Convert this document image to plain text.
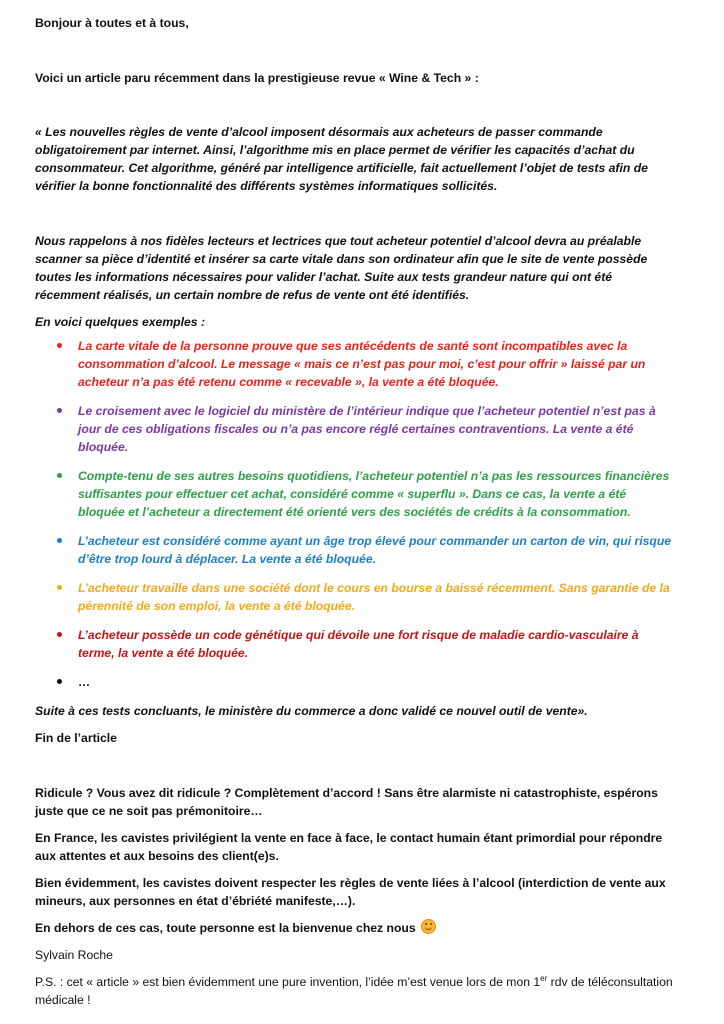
Bonjour à toutes et à tous,

Voici un article paru récemment dans la prestigieuse revue « Wine & Tech » :

« Les nouvelles règles de vente d’alcool imposent désormais aux acheteurs de passer commande obligatoirement par internet. Ainsi, l’algorithme mis en place permet de vérifier les capacités d’achat du consommateur. Cet algorithme, généré par intelligence artificielle, fait actuellement l’objet de tests afin de vérifier la bonne fonctionnalité des différents systèmes informatiques sollicités.

Nous rappelons à nos fidèles lecteurs et lectrices que tout acheteur potentiel d’alcool devra au préalable scanner sa pièce d’identité et insérer sa carte vitale dans son ordinateur afin que le site de vente possède toutes les informations nécessaires pour valider l’achat. Suite aux tests grandeur nature qui ont été récemment réalisés, un certain nombre de refus de vente ont été identifiés.

En voici quelques exemples :

La carte vitale de la personne prouve que ses antécédents de santé sont incompatibles avec la consommation d’alcool. Le message « mais ce n’est pas pour moi, c’est pour offrir » laissé par un acheteur n’a pas été retenu comme « recevable », la vente a été bloquée.
Le croisement avec le logiciel du ministère de l’intérieur indique que l’acheteur potentiel n’est pas à jour de ces obligations fiscales ou n’a pas encore réglé certaines contraventions. La vente a été bloquée.
Compte-tenu de ses autres besoins quotidiens, l’acheteur potentiel n’a pas les ressources financières suffisantes pour effectuer cet achat, considéré comme « superflu ». Dans ce cas, la vente a été bloquée et l’acheteur a directement été orienté vers des sociétés de crédits à la consommation.
L’acheteur est considéré comme ayant un âge trop élevé pour commander un carton de vin, qui risque d’être trop lourd à déplacer. La vente a été bloquée.
L’acheteur travaille dans une société dont le cours en bourse a baissé récemment. Sans garantie de la pérennité de son emploi, la vente a été bloquée.
L’acheteur possède un code génétique qui dévoile une fort risque de maladie cardio-vasculaire à terme, la vente a été bloquée.
…

Suite à ces tests concluants, le ministère du commerce a donc validé ce nouvel outil de vente».

Fin de l’article

Ridicule ? Vous avez dit ridicule ? Complètement d’accord ! Sans être alarmiste ni catastrophiste, espérons juste que ce ne soit pas prémonitoire…

En France, les cavistes privilégient la vente en face à face, le contact humain étant primordial pour répondre aux attentes et aux besoins des client(e)s.

Bien évidemment, les cavistes doivent respecter les règles de vente liées à l’alcool (interdiction de vente aux mineurs, aux personnes en état d’ébriété manifeste,…).

En dehors de ces cas, toute personne est la bienvenue chez nous

Sylvain Roche

P.S. : cet « article » est bien évidemment une pure invention, l’idée m’est venue lors de mon 1er rdv de téléconsultation médicale !
